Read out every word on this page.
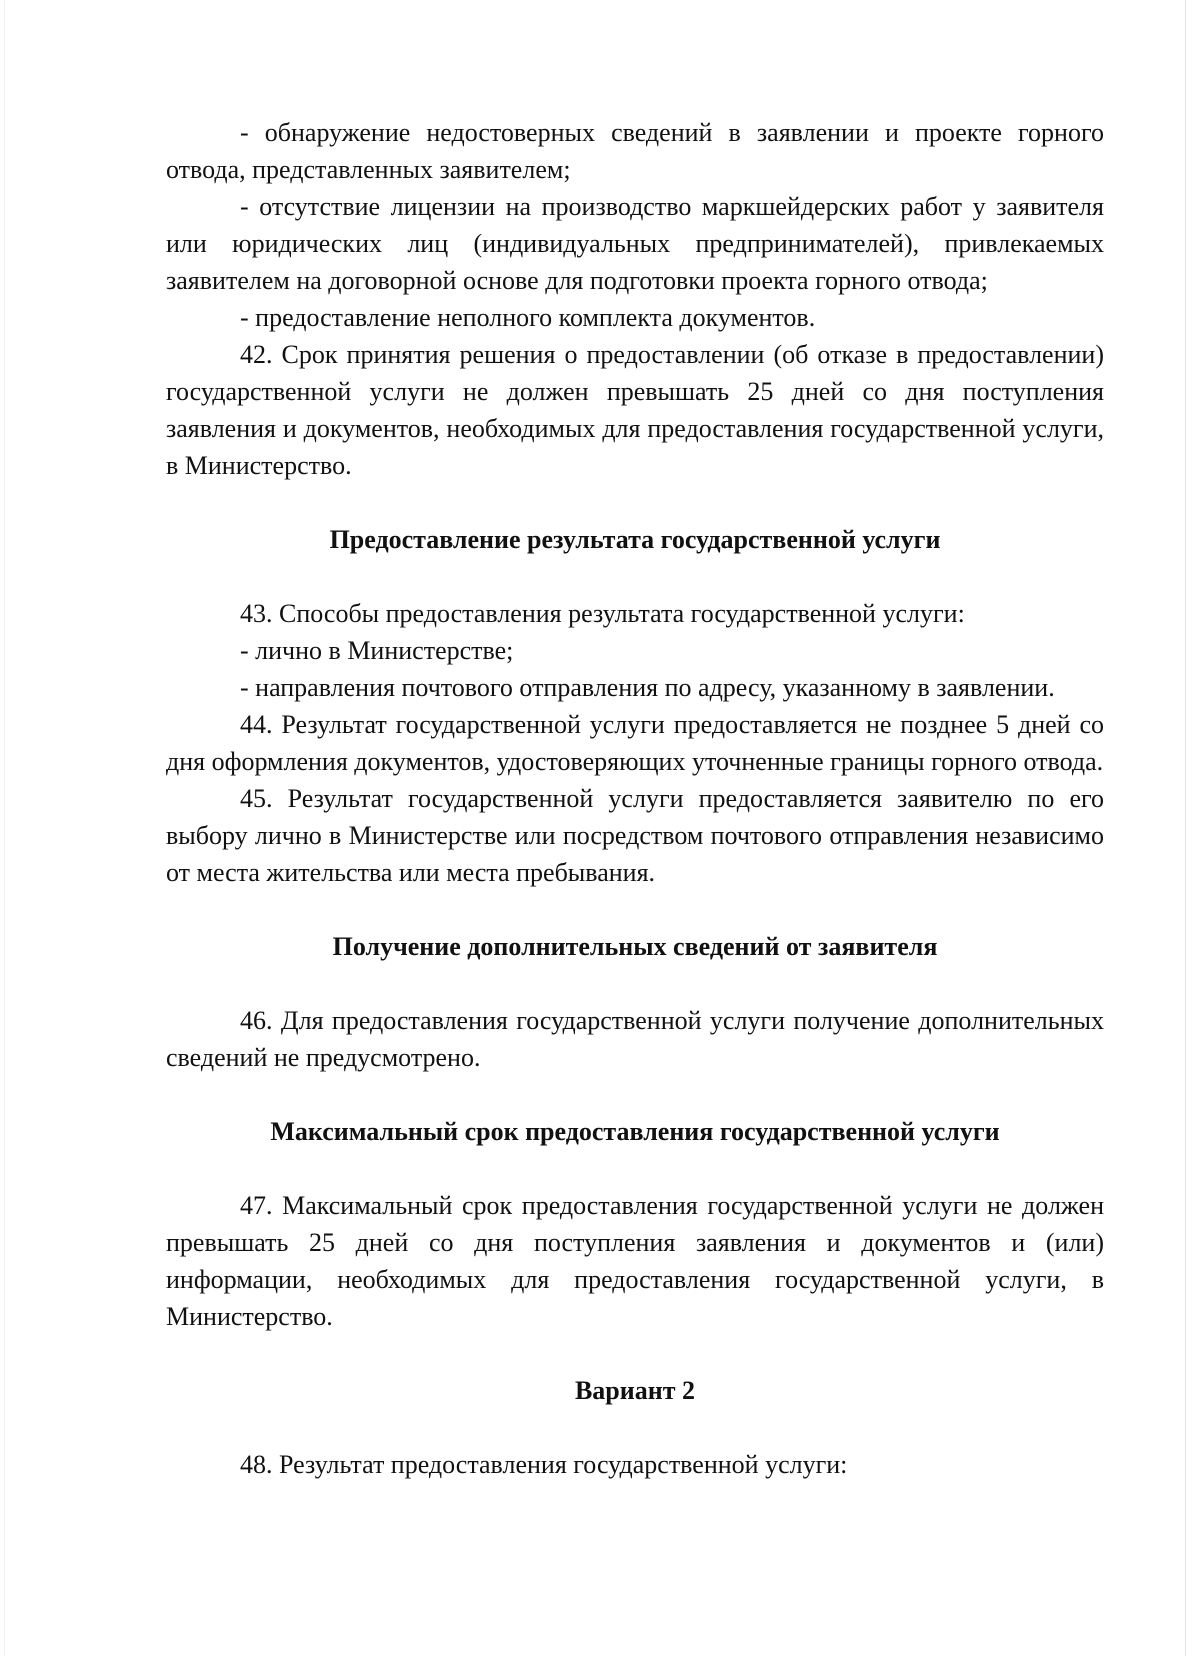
- обнаружение недостоверных сведений в заявлении и проекте горного отвода, представленных заявителем;

- отсутствие лицензии на производство маркшейдерских работ у заявителя или юридических лиц (индивидуальных предпринимателей), привлекаемых заявителем на договорной основе для подготовки проекта горного отвода;

- предоставление неполного комплекта документов.

42. Срок принятия решения о предоставлении (об отказе в предоставлении) государственной услуги не должен превышать 25 дней со дня поступления заявления и документов, необходимых для предоставления государственной услуги, в Министерство.

Предоставление результата государственной услуги

43. Способы предоставления результата государственной услуги:

- лично в Министерстве;

- направления почтового отправления по адресу, указанному в заявлении.

44. Результат государственной услуги предоставляется не позднее 5 дней со дня оформления документов, удостоверяющих уточненные границы горного отвода.

45. Результат государственной услуги предоставляется заявителю по его выбору лично в Министерстве или посредством почтового отправления независимо от места жительства или места пребывания.

Получение дополнительных сведений от заявителя

46. Для предоставления государственной услуги получение дополнительных сведений не предусмотрено.

Максимальный срок предоставления государственной услуги

47. Максимальный срок предоставления государственной услуги не должен превышать 25 дней со дня поступления заявления и документов и (или) информации, необходимых для предоставления государственной услуги, в Министерство.

Вариант 2

48. Результат предоставления государственной услуги:
